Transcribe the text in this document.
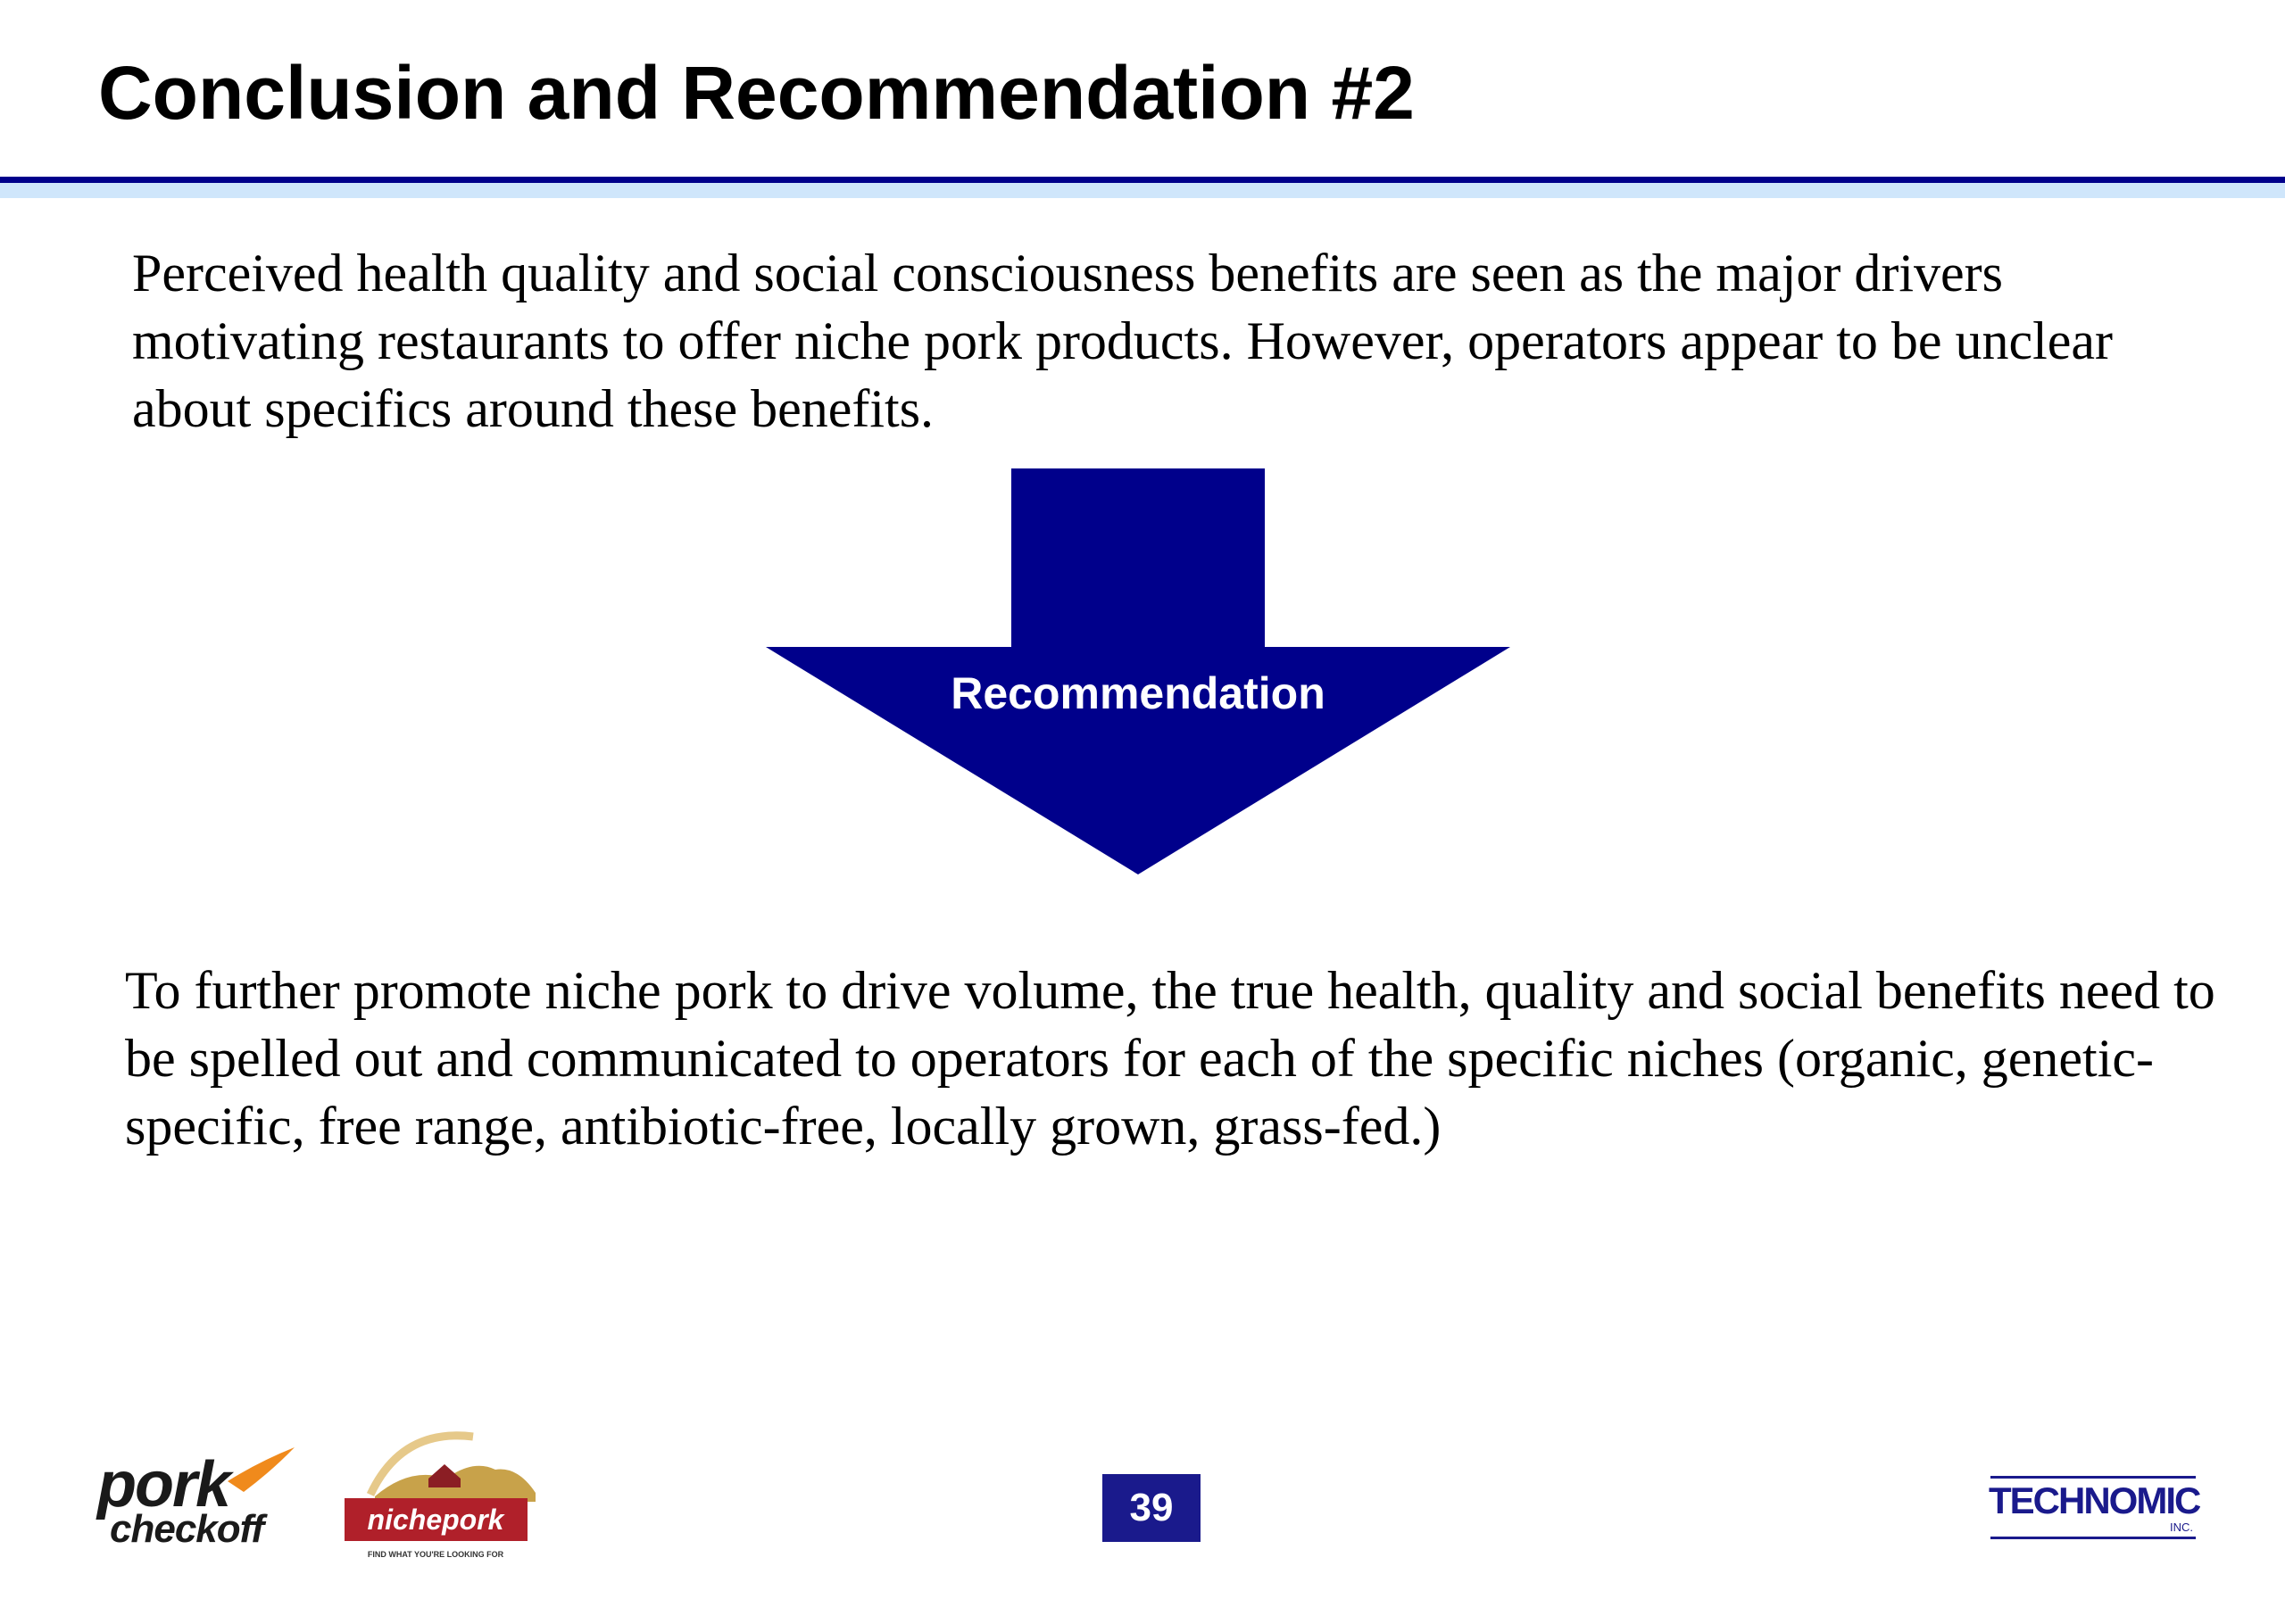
Conclusion and Recommendation #2

Perceived health quality and social consciousness benefits are seen as the major drivers motivating restaurants to offer niche pork products. However, operators appear to be unclear about specifics around these benefits.

Recommendation

To further promote niche pork to drive volume, the true health, quality and social benefits need to be spelled out and communicated to operators for each of the specific niches (organic, genetic-specific, free range, antibiotic-free, locally grown, grass-fed.)

pork
checkoff	nichepork
FIND WHAT YOU'RE LOOKING FOR
39	TECHNOMIC
INC.
